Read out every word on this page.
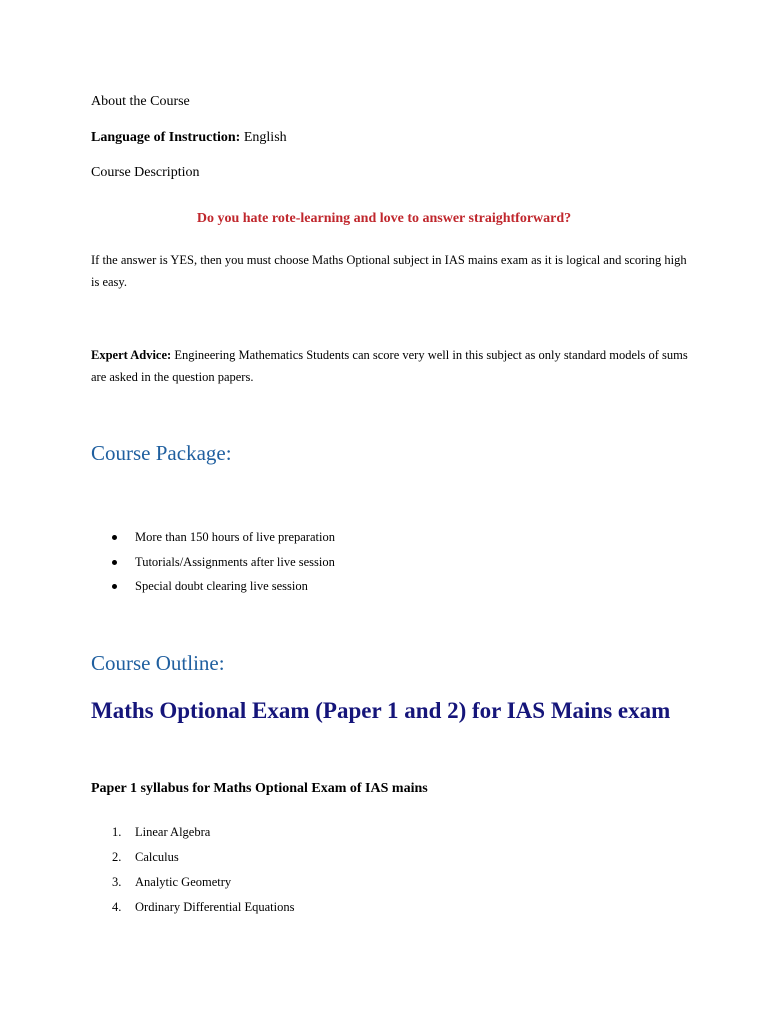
About the Course

Language of Instruction: English

Course Description

Do you hate rote-learning and love to answer straightforward?

If the answer is YES, then you must choose Maths Optional subject in IAS mains exam as it is logical and scoring high is easy.

Expert Advice: Engineering Mathematics Students can score very well in this subject as only standard models of sums are asked in the question papers.

Course Package:
More than 150 hours of live preparation
Tutorials/Assignments after live session
Special doubt clearing live session
Course Outline:
Maths Optional Exam (Paper 1 and 2) for IAS Mains exam

Paper 1 syllabus for Maths Optional Exam of IAS mains

1. Linear Algebra
2. Calculus
3. Analytic Geometry
4. Ordinary Differential Equations
